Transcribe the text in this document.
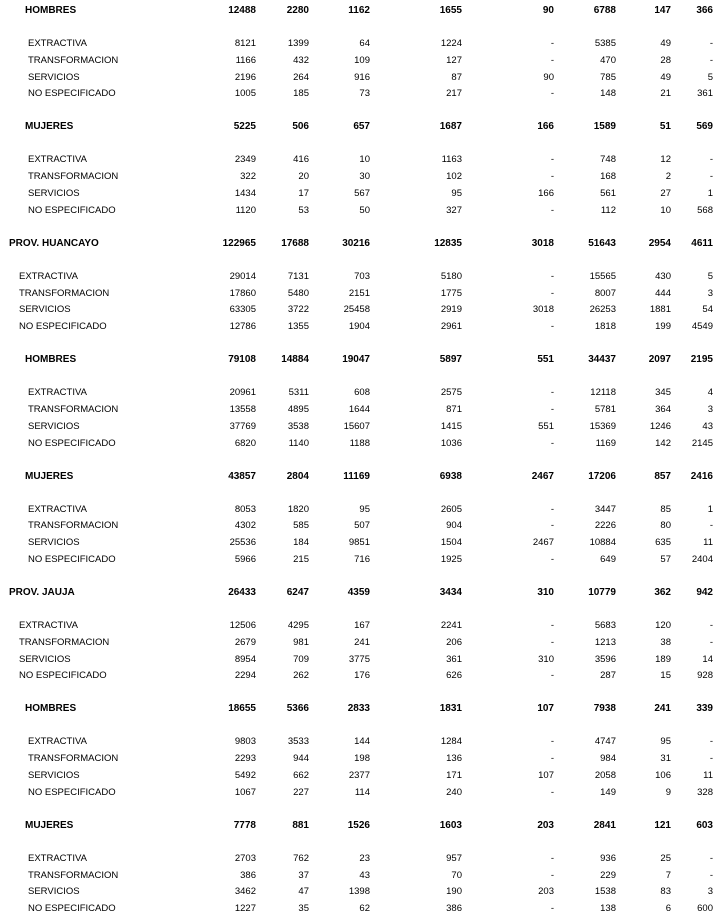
HOMBRES	12488	2280	1162	1655	90	6788	147	366
EXTRACTIVA	8121	1399	64	1224	-	5385	49	-
TRANSFORMACION	1166	432	109	127	-	470	28	-
SERVICIOS	2196	264	916	87	90	785	49	5
NO ESPECIFICADO	1005	185	73	217	-	148	21	361
MUJERES	5225	506	657	1687	166	1589	51	569
EXTRACTIVA	2349	416	10	1163	-	748	12	-
TRANSFORMACION	322	20	30	102	-	168	2	-
SERVICIOS	1434	17	567	95	166	561	27	1
NO ESPECIFICADO	1120	53	50	327	-	112	10	568
PROV. HUANCAYO	122965	17688	30216	12835	3018	51643	2954 4611
EXTRACTIVA	29014	7131	703	5180	-	15565	430	5
TRANSFORMACION	17860	5480	2151	1775	-	8007	444	3
SERVICIOS	63305	3722	25458	2919	3018	26253	1881	54
NO ESPECIFICADO	12786	1355	1904	2961	-	1818	199 4549
HOMBRES	79108	14884	19047	5897	551	34437	2097 2195
EXTRACTIVA	20961	5311	608	2575	-	12118	345	4
TRANSFORMACION	13558	4895	1644	871	-	5781	364	3
SERVICIOS	37769	3538	15607	1415	551	15369	1246	43
NO ESPECIFICADO	6820	1140	1188	1036	-	1169	142 2145
MUJERES	43857	2804	11169	6938	2467	17206	857 2416
EXTRACTIVA	8053	1820	95	2605	-	3447	85	1
TRANSFORMACION	4302	585	507	904	-	2226	80	-
SERVICIOS	25536	184	9851	1504	2467	10884	635	11
NO ESPECIFICADO	5966	215	716	1925	-	649	57 2404
PROV. JAUJA	26433	6247	4359	3434	310	10779	362	942
EXTRACTIVA	12506	4295	167	2241	-	5683	120	-
TRANSFORMACION	2679	981	241	206	-	1213	38	-
SERVICIOS	8954	709	3775	361	310	3596	189	14
NO ESPECIFICADO	2294	262	176	626	-	287	15	928
HOMBRES	18655	5366	2833	1831	107	7938	241	339
EXTRACTIVA	9803	3533	144	1284	-	4747	95	-
TRANSFORMACION	2293	944	198	136	-	984	31	-
SERVICIOS	5492	662	2377	171	107	2058	106	11
NO ESPECIFICADO	1067	227	114	240	-	149	9	328
MUJERES	7778	881	1526	1603	203	2841	121	603
EXTRACTIVA	2703	762	23	957	-	936	25	-
TRANSFORMACION	386	37	43	70	-	229	7	-
SERVICIOS	3462	47	1398	190	203	1538	83	3
NO ESPECIFICADO	1227	35	62	386	-	138	6	600
